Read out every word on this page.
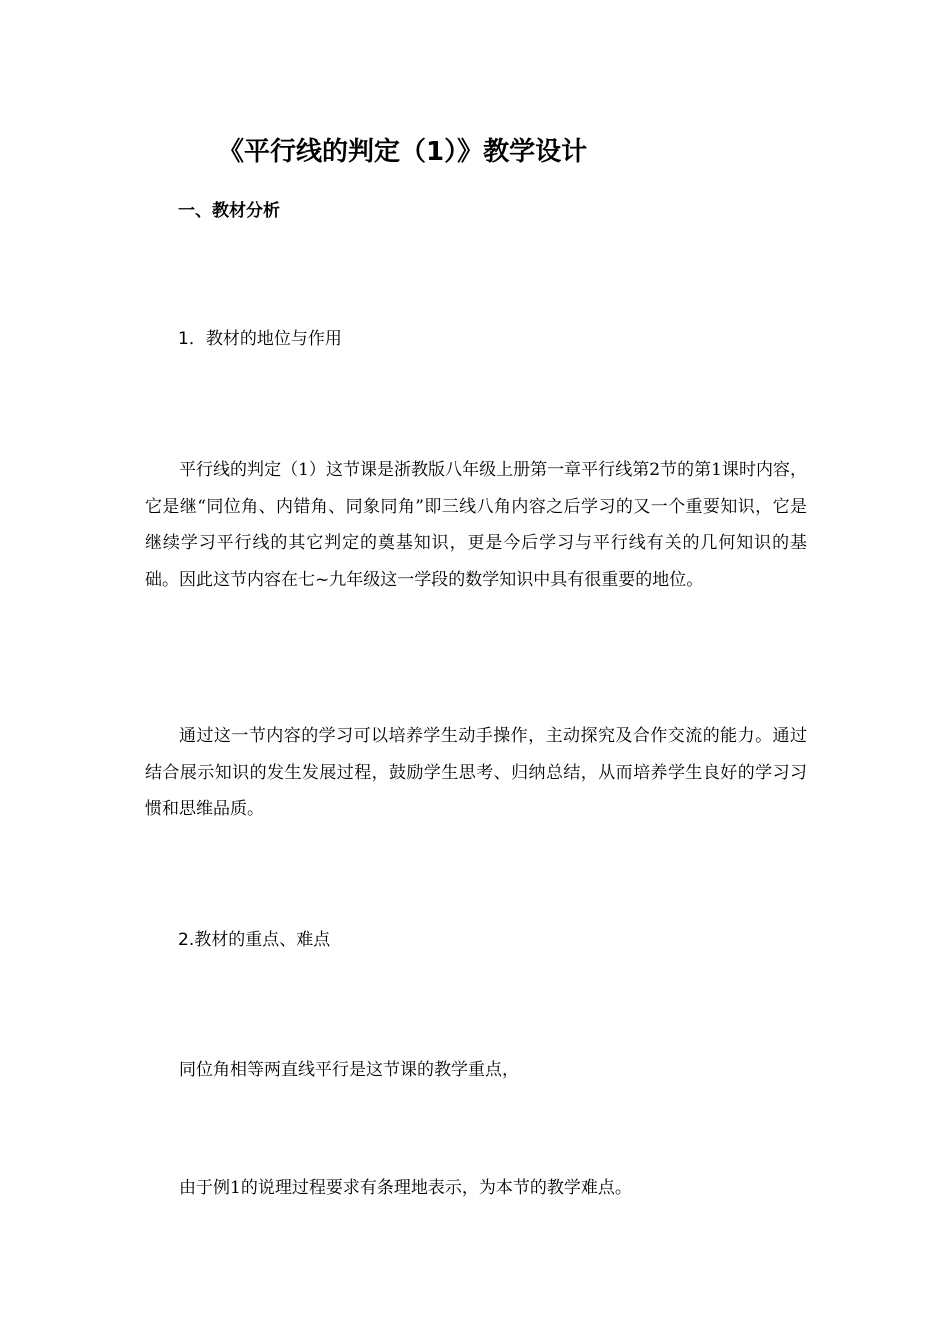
《平行线的判定（1）》教学设计
一、教材分析
1．教材的地位与作用

平行线的判定（1）这节课是浙教版八年级上册第一章平行线第2节的第1课时内容，它是继“同位角、内错角、同象同角”即三线八角内容之后学习的又一个重要知识，它是继续学习平行线的其它判定的奠基知识，更是今后学习与平行线有关的几何知识的基础。因此这节内容在七~九年级这一学段的数学知识中具有很重要的地位。

通过这一节内容的学习可以培养学生动手操作，主动探究及合作交流的能力。通过结合展示知识的发生发展过程，鼓励学生思考、归纳总结，从而培养学生良好的学习习惯和思维品质。

2.教材的重点、难点

同位角相等两直线平行是这节课的教学重点，

由于例1的说理过程要求有条理地表示，为本节的教学难点。
